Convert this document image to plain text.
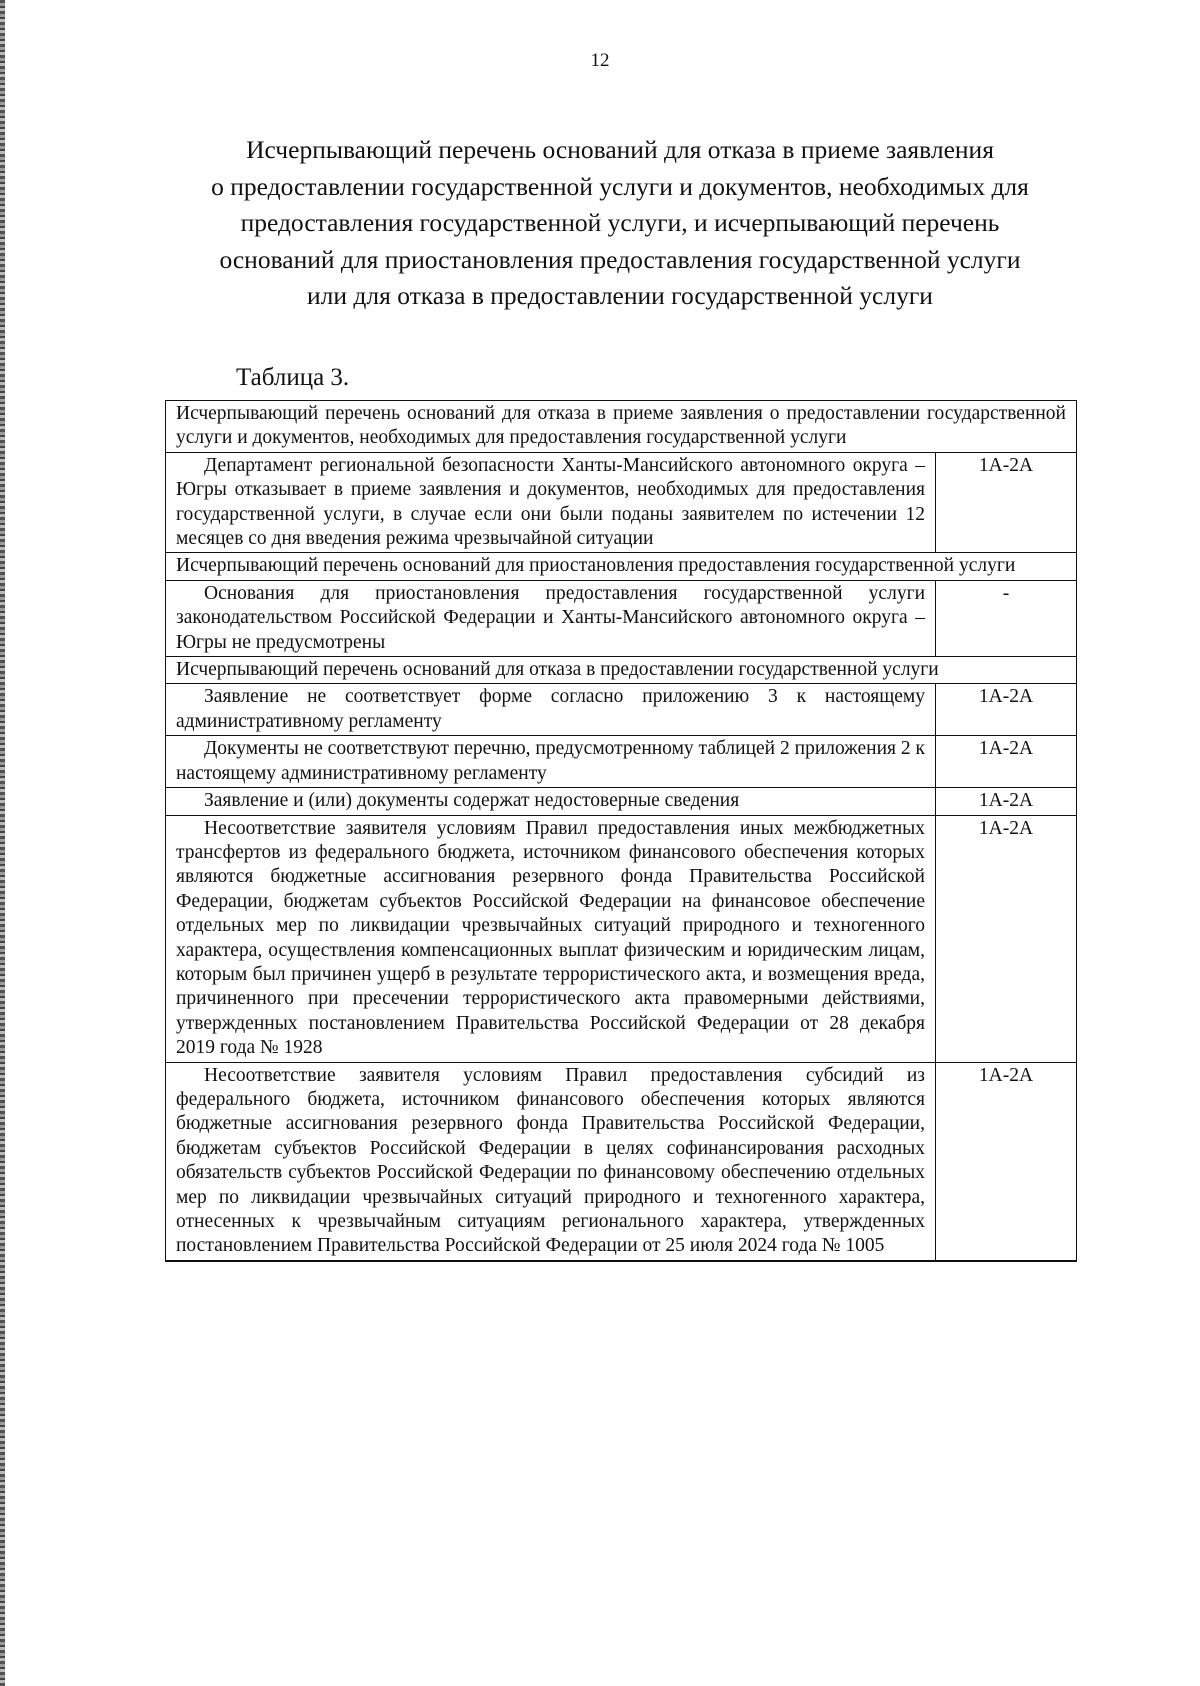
12
Исчерпывающий перечень оснований для отказа в приеме заявления
о предоставлении государственной услуги и документов, необходимых для
предоставления государственной услуги, и исчерпывающий перечень
оснований для приостановления предоставления государственной услуги
или для отказа в предоставлении государственной услуги
Таблица 3.
Исчерпывающий перечень оснований для отказа в приеме заявления о предоставлении государственной услуги и документов, необходимых для предоставления государственной услуги	
Департамент региональной безопасности Ханты-Мансийского автономного округа – Югры отказывает в приеме заявления и документов, необходимых для предоставления государственной услуги, в случае если они были поданы заявителем по истечении 12 месяцев со дня введения режима чрезвычайной ситуации	1А-2А
Исчерпывающий перечень оснований для приостановления предоставления государственной услуги	
Основания для приостановления предоставления государственной услуги законодательством Российской Федерации и Ханты-Мансийского автономного округа – Югры не предусмотрены	-
Исчерпывающий перечень оснований для отказа в предоставлении государственной услуги	
Заявление не соответствует форме согласно приложению 3 к настоящему административному регламенту	1А-2А
Документы не соответствуют перечню, предусмотренному таблицей 2 приложения 2 к настоящему административному регламенту	1А-2А
Заявление и (или) документы содержат недостоверные сведения	1А-2А
Несоответствие заявителя условиям Правил предоставления иных межбюджетных трансфертов из федерального бюджета, источником финансового обеспечения которых являются бюджетные ассигнования резервного фонда Правительства Российской Федерации, бюджетам субъектов Российской Федерации на финансовое обеспечение отдельных мер по ликвидации чрезвычайных ситуаций природного и техногенного характера, осуществления компенсационных выплат физическим и юридическим лицам, которым был причинен ущерб в результате террористического акта, и возмещения вреда, причиненного при пресечении террористического акта правомерными действиями, утвержденных постановлением Правительства Российской Федерации от 28 декабря 2019 года № 1928	1А-2А
Несоответствие заявителя условиям Правил предоставления субсидий из федерального бюджета, источником финансового обеспечения которых являются бюджетные ассигнования резервного фонда Правительства Российской Федерации, бюджетам субъектов Российской Федерации в целях софинансирования расходных обязательств субъектов Российской Федерации по финансовому обеспечению отдельных мер по ликвидации чрезвычайных ситуаций природного и техногенного характера, отнесенных к чрезвычайным ситуациям регионального характера, утвержденных постановлением Правительства Российской Федерации от 25 июля 2024 года № 1005	1А-2А
